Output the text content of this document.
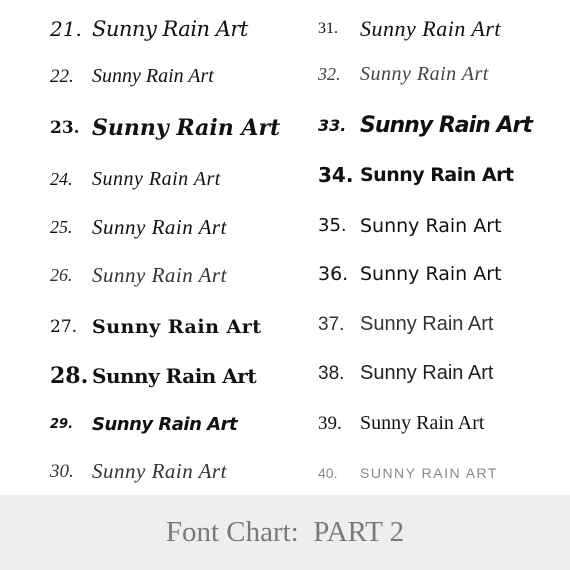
21. Sunny Rain Art
22. Sunny Rain Art
23. Sunny Rain Art
24. Sunny Rain Art
25. Sunny Rain Art
26. Sunny Rain Art
27. Sunny Rain Art
28. Sunny Rain Art
29.	Sunny Rain Art
30. Sunny Rain Art
31.	Sunny Rain Art
32. Sunny Rain Art
33. Sunny Rain Art
34. Sunny Rain Art
35. Sunny Rain Art
36. Sunny Rain Art
37. Sunny Rain Art
38. Sunny Rain Art
39. Sunny Rain Art
40.	SUNNY RAIN ART
Font Chart:  PART 2
